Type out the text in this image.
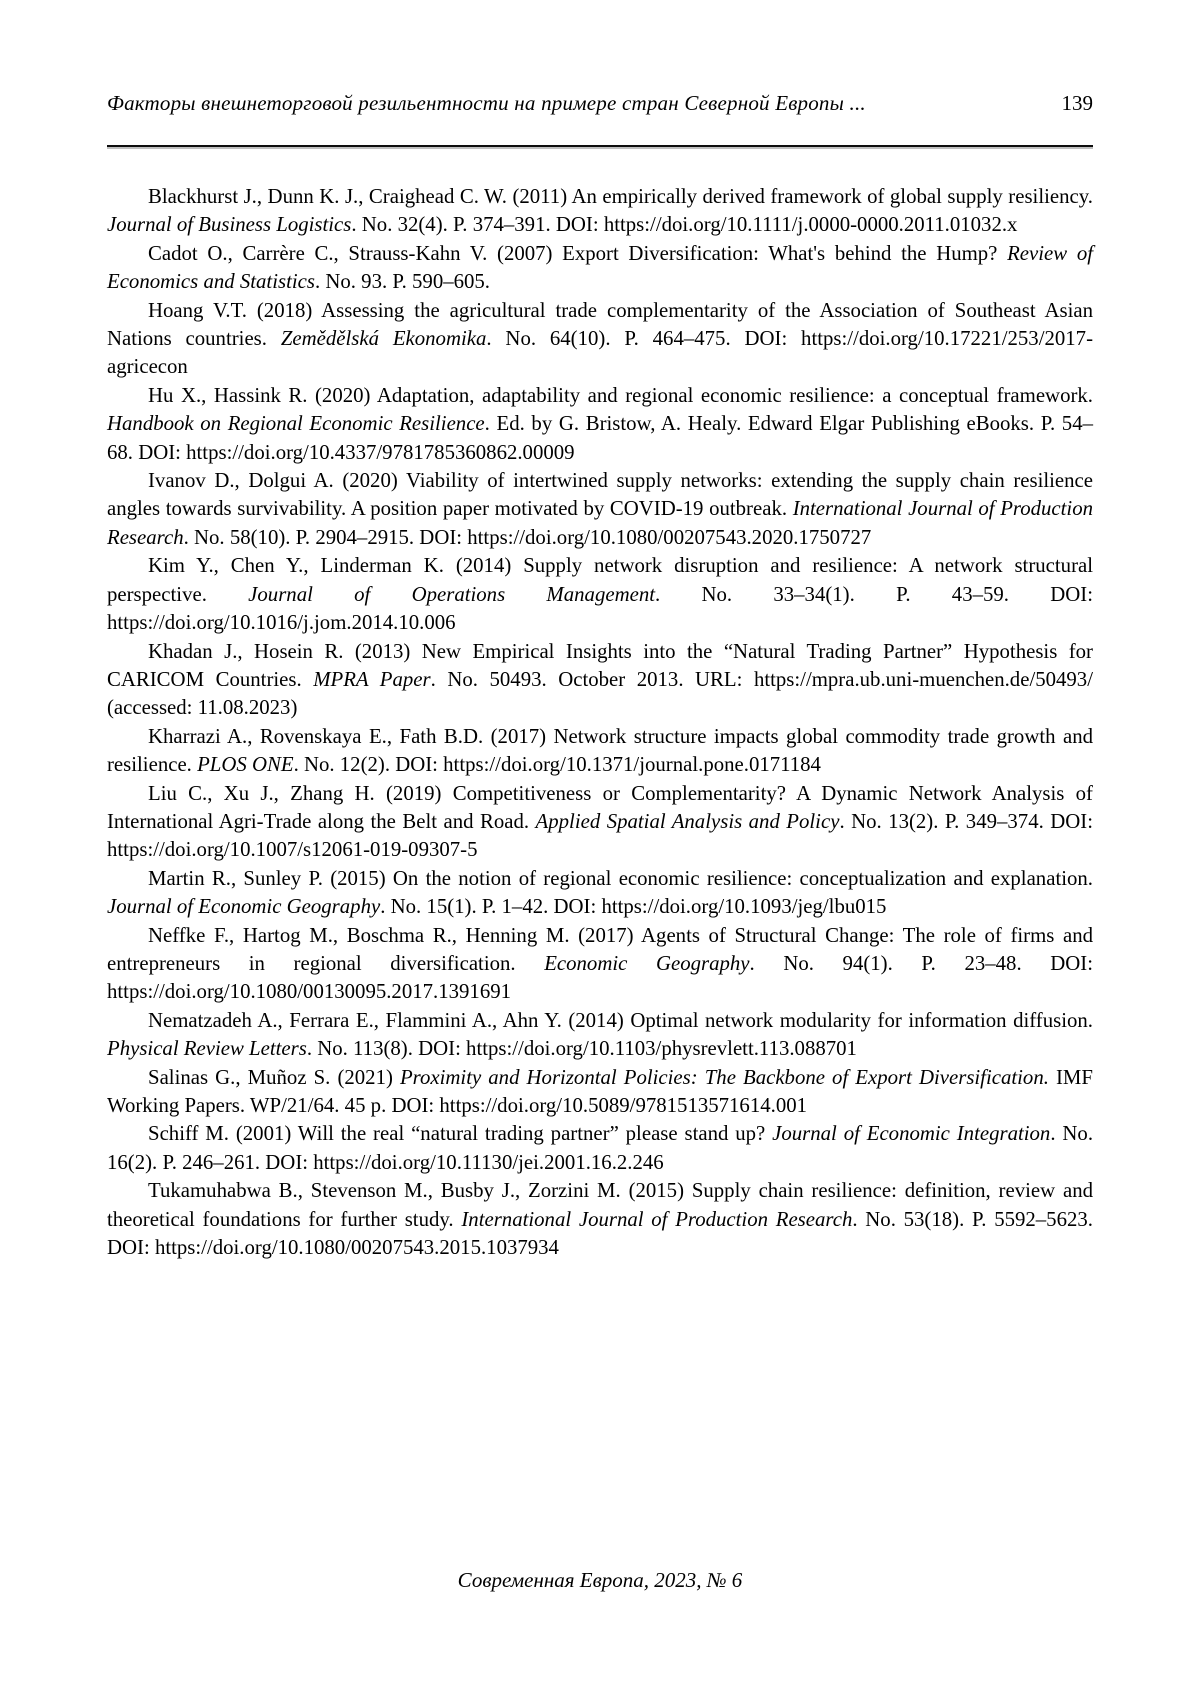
Факторы внешнеторговой резильентности на примере стран Северной Европы ...	139

Blackhurst J., Dunn K. J., Craighead C. W. (2011) An empirically derived framework of global supply resiliency. Journal of Business Logistics. No. 32(4). P. 374–391. DOI: https://doi.org/10.1111/j.0000-0000.2011.01032.x

Cadot O., Carrère C., Strauss-Kahn V. (2007) Export Diversification: What's behind the Hump? Review of Economics and Statistics. No. 93. P. 590–605.

Hoang V.T. (2018) Assessing the agricultural trade complementarity of the Association of Southeast Asian Nations countries. Zemědělská Ekonomika. No. 64(10). P. 464–475. DOI: https://doi.org/10.17221/253/2017-agricecon

Hu X., Hassink R. (2020) Adaptation, adaptability and regional economic resilience: a conceptual framework. Handbook on Regional Economic Resilience. Ed. by G. Bristow, A. Healy. Edward Elgar Publishing eBooks. P. 54–68. DOI: https://doi.org/10.4337/9781785360862.00009

Ivanov D., Dolgui A. (2020) Viability of intertwined supply networks: extending the supply chain resilience angles towards survivability. A position paper motivated by COVID-19 outbreak. International Journal of Production Research. No. 58(10). P. 2904–2915. DOI: https://doi.org/10.1080/00207543.2020.1750727

Kim Y., Chen Y., Linderman K. (2014) Supply network disruption and resilience: A network structural perspective. Journal of Operations Management. No. 33–34(1). P. 43–59. DOI: https://doi.org/10.1016/j.jom.2014.10.006

Khadan J., Hosein R. (2013) New Empirical Insights into the “Natural Trading Partner” Hypothesis for CARICOM Countries. MPRA Paper. No. 50493. October 2013. URL: https://mpra.ub.uni-muenchen.de/50493/ (accessed: 11.08.2023)

Kharrazi A., Rovenskaya E., Fath B.D. (2017) Network structure impacts global commodity trade growth and resilience. PLOS ONE. No. 12(2). DOI: https://doi.org/10.1371/journal.pone.0171184

Liu C., Xu J., Zhang H. (2019) Competitiveness or Complementarity? A Dynamic Network Analysis of International Agri-Trade along the Belt and Road. Applied Spatial Analysis and Policy. No. 13(2). P. 349–374. DOI: https://doi.org/10.1007/s12061-019-09307-5

Martin R., Sunley P. (2015) On the notion of regional economic resilience: conceptualization and explanation. Journal of Economic Geography. No. 15(1). P. 1–42. DOI: https://doi.org/10.1093/jeg/lbu015

Neffke F., Hartog M., Boschma R., Henning M. (2017) Agents of Structural Change: The role of firms and entrepreneurs in regional diversification. Economic Geography. No. 94(1). P. 23–48. DOI: https://doi.org/10.1080/00130095.2017.1391691

Nematzadeh A., Ferrara E., Flammini A., Ahn Y. (2014) Optimal network modularity for information diffusion. Physical Review Letters. No. 113(8). DOI: https://doi.org/10.1103/physrevlett.113.088701

Salinas G., Muñoz S. (2021) Proximity and Horizontal Policies: The Backbone of Export Diversification. IMF Working Papers. WP/21/64. 45 p. DOI: https://doi.org/10.5089/9781513571614.001

Schiff M. (2001) Will the real “natural trading partner” please stand up? Journal of Economic Integration. No. 16(2). P. 246–261. DOI: https://doi.org/10.11130/jei.2001.16.2.246

Tukamuhabwa B., Stevenson M., Busby J., Zorzini M. (2015) Supply chain resilience: definition, review and theoretical foundations for further study. International Journal of Production Research. No. 53(18). P. 5592–5623. DOI: https://doi.org/10.1080/00207543.2015.1037934

Современная Европа, 2023, № 6
